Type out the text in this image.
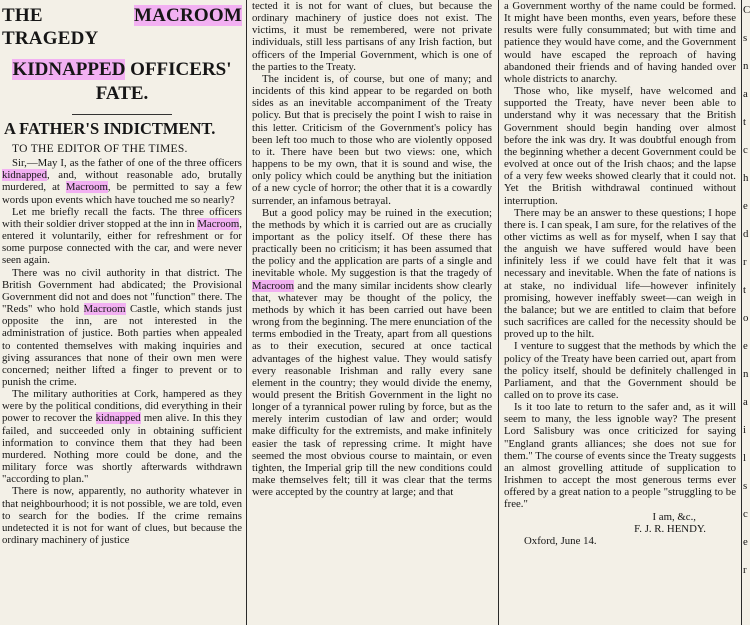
THE	MACROOM TRAGEDY
KIDNAPPED OFFICERS'
FATE.
A FATHER'S INDICTMENT.
TO THE EDITOR OF THE TIMES.

Sir,—May I, as the father of one of the three officers kidnapped, and, without reasonable ado, brutally murdered, at Macroom, be permitted to say a few words upon events which have touched me so nearly?

Let me briefly recall the facts. The three officers with their soldier driver stopped at the inn in Macroom, entered it voluntarily, either for refreshment or for some purpose connected with the car, and were never seen again.

There was no civil authority in that district. The British Government had abdicated; the Provisional Government did not and does not "function" there. The "Reds" who hold Macroom Castle, which stands just opposite the inn, are not interested in the administration of justice. Both parties when appealed to contented themselves with making inquiries and giving assurances that none of their own men were concerned; neither lifted a finger to prevent or to punish the crime.

The military authorities at Cork, hampered as they were by the political conditions, did everything in their power to recover the kidnapped men alive. In this they failed, and succeeded only in obtaining sufficient information to convince them that they had been murdered. Nothing more could be done, and the military force was shortly afterwards withdrawn "according to plan."

There is now, apparently, no authority whatever in that neighbourhood; it is not possible, we are told, even to search for the bodies. If the crime remains undetected it is not for want of clues, but because the ordinary machinery of justice

tected it is not for want of clues, but because the ordinary machinery of justice does not exist. The victims, it must be remembered, were not private individuals, still less partisans of any Irish faction, but officers of the Imperial Government, which is one of the parties to the Treaty.

The incident is, of course, but one of many; and incidents of this kind appear to be regarded on both sides as an inevitable accompaniment of the Treaty policy. But that is precisely the point I wish to raise in this letter. Criticism of the Government's policy has been left too much to those who are violently opposed to it. There have been but two views: one, which happens to be my own, that it is sound and wise, the only policy which could be anything but the initiation of a new cycle of horror; the other that it is a cowardly surrender, an infamous betrayal.

But a good policy may be ruined in the execution; the methods by which it is carried out are as crucially important as the policy itself. Of these there has practically been no criticism; it has been assumed that the policy and the application are parts of a single and inevitable whole. My suggestion is that the tragedy of Macroom and the many similar incidents show clearly that, whatever may be thought of the policy, the methods by which it has been carried out have been wrong from the beginning. The mere enunciation of the terms embodied in the Treaty, apart from all questions as to their execution, secured at once tactical advantages of the highest value. They would satisfy every reasonable Irishman and rally every sane element in the country; they would divide the enemy, would present the British Government in the light no longer of a tyrannical power ruling by force, but as the merely interim custodian of law and order; would make difficulty for the extremists, and make infinitely easier the task of repressing crime. It might have seemed the most obvious course to maintain, or even tighten, the Imperial grip till the new conditions could make themselves felt; till it was clear that the terms were accepted by the country at large; and that

a Government worthy of the name could be formed. It might have been months, even years, before these results were fully consummated; but with time and patience they would have come, and the Government would have escaped the reproach of having abandoned their friends and of having handed over whole districts to anarchy.

Those who, like myself, have welcomed and supported the Treaty, have never been able to understand why it was necessary that the British Government should begin handing over almost before the ink was dry. It was doubtful enough from the beginning whether a decent Government could be evolved at once out of the Irish chaos; and the lapse of a very few weeks showed clearly that it could not. Yet the British withdrawal continued without interruption.

There may be an answer to these questions; I hope there is. I can speak, I am sure, for the relatives of the other victims as well as for myself, when I say that the anguish we have suffered would have been infinitely less if we could have felt that it was necessary and inevitable. When the fate of nations is at stake, no individual life—however infinitely promising, however ineffably sweet—can weigh in the balance; but we are entitled to claim that before such sacrifices are called for the necessity should be proved up to the hilt.

I venture to suggest that the methods by which the policy of the Treaty have been carried out, apart from the policy itself, should be definitely challenged in Parliament, and that the Government should be called on to prove its case.

Is it too late to return to the safer and, as it will seem to many, the less ignoble way? The present Lord Salisbury was once criticized for saying "England grants alliances; she does not sue for them." The course of events since the Treaty suggests an almost grovelling attitude of supplication to Irishmen to accept the most generous terms ever offered by a great nation to a people "struggling to be free."

I am, &c.,

F. J. R. HENDY.

Oxford, June 14.

C
s
n
a
t
c
h
e
d
r
t
o
e
n
a
i
l
s
c
e
r
